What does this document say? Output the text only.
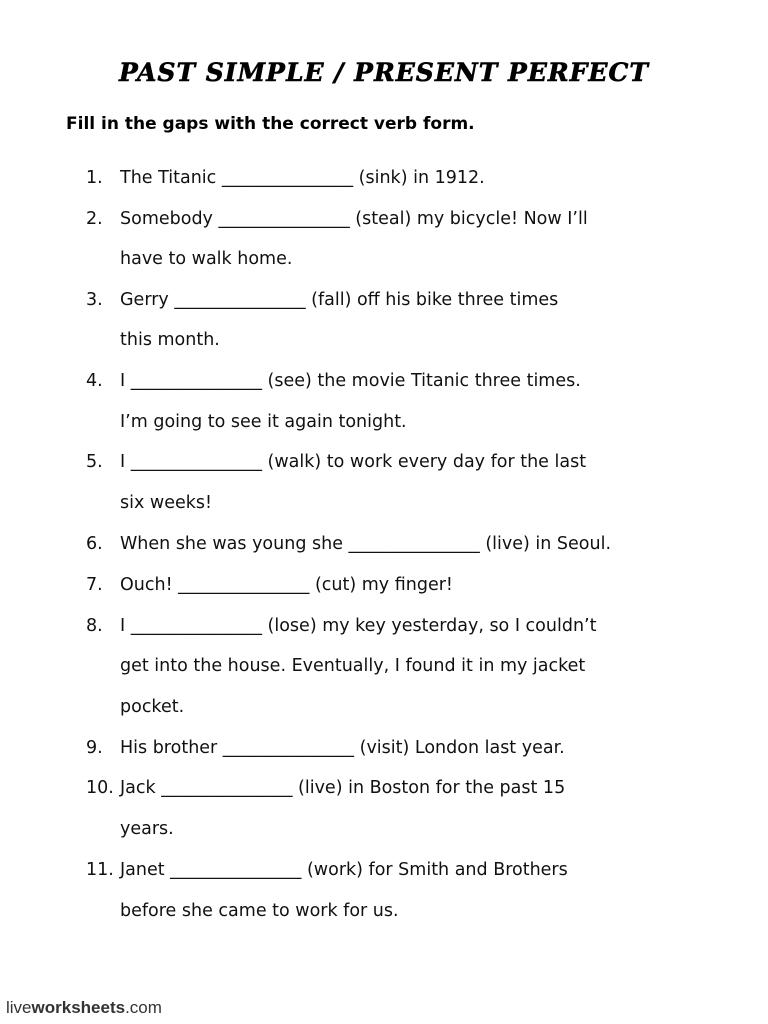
PAST SIMPLE / PRESENT PERFECT
Fill in the gaps with the correct verb form.
1. The Titanic _______________ (sink) in 1912.
2. Somebody _______________ (steal) my bicycle! Now I’ll
have to walk home.
3. Gerry _______________ (fall) off his bike three times
this month.
4. I _______________ (see) the movie Titanic three times.
I’m going to see it again tonight.
5. I _______________ (walk) to work every day for the last
six weeks!
6. When she was young she _______________ (live) in Seoul.
7. Ouch! _______________ (cut) my finger!
8. I _______________ (lose) my key yesterday, so I couldn’t
get into the house. Eventually, I found it in my jacket
pocket.
9. His brother _______________ (visit) London last year.
10. Jack _______________ (live) in Boston for the past 15
years.
11. Janet _______________ (work) for Smith and Brothers
before she came to work for us.
liveworksheets.com
